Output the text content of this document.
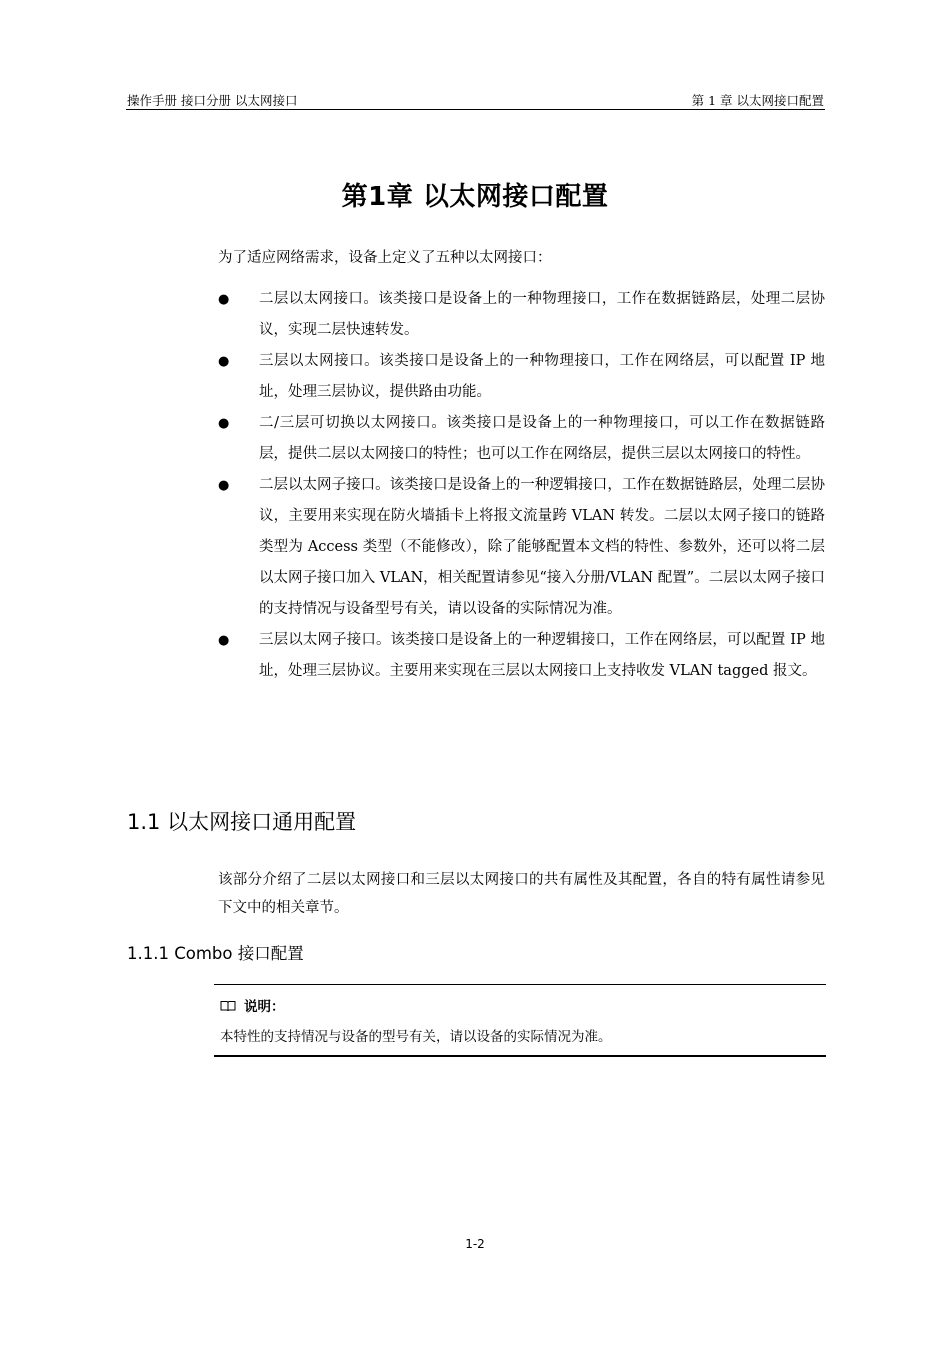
操作手册 接口分册 以太网接口	第 1 章 以太网接口配置
第1章 以太网接口配置
为了适应网络需求，设备上定义了五种以太网接口：
● 二层以太网接口。该类接口是设备上的一种物理接口，工作在数据链路层，处理二层协议，实现二层快速转发。
● 三层以太网接口。该类接口是设备上的一种物理接口，工作在网络层，可以配置 IP 地址，处理三层协议，提供路由功能。
● 二/三层可切换以太网接口。该类接口是设备上的一种物理接口，可以工作在数据链路层，提供二层以太网接口的特性；也可以工作在网络层，提供三层以太网接口的特性。
● 二层以太网子接口。该类接口是设备上的一种逻辑接口，工作在数据链路层，处理二层协议，主要用来实现在防火墙插卡上将报文流量跨 VLAN 转发。二层以太网子接口的链路类型为 Access 类型（不能修改），除了能够配置本文档的特性、参数外，还可以将二层以太网子接口加入 VLAN，相关配置请参见“接入分册/VLAN 配置”。二层以太网子接口的支持情况与设备型号有关，请以设备的实际情况为准。
● 三层以太网子接口。该类接口是设备上的一种逻辑接口，工作在网络层，可以配置 IP 地址，处理三层协议。主要用来实现在三层以太网接口上支持收发 VLAN tagged 报文。
1.1 以太网接口通用配置
该部分介绍了二层以太网接口和三层以太网接口的共有属性及其配置，各自的特有属性请参见下文中的相关章节。
1.1.1 Combo 接口配置
说明：
本特性的支持情况与设备的型号有关，请以设备的实际情况为准。
1-2
